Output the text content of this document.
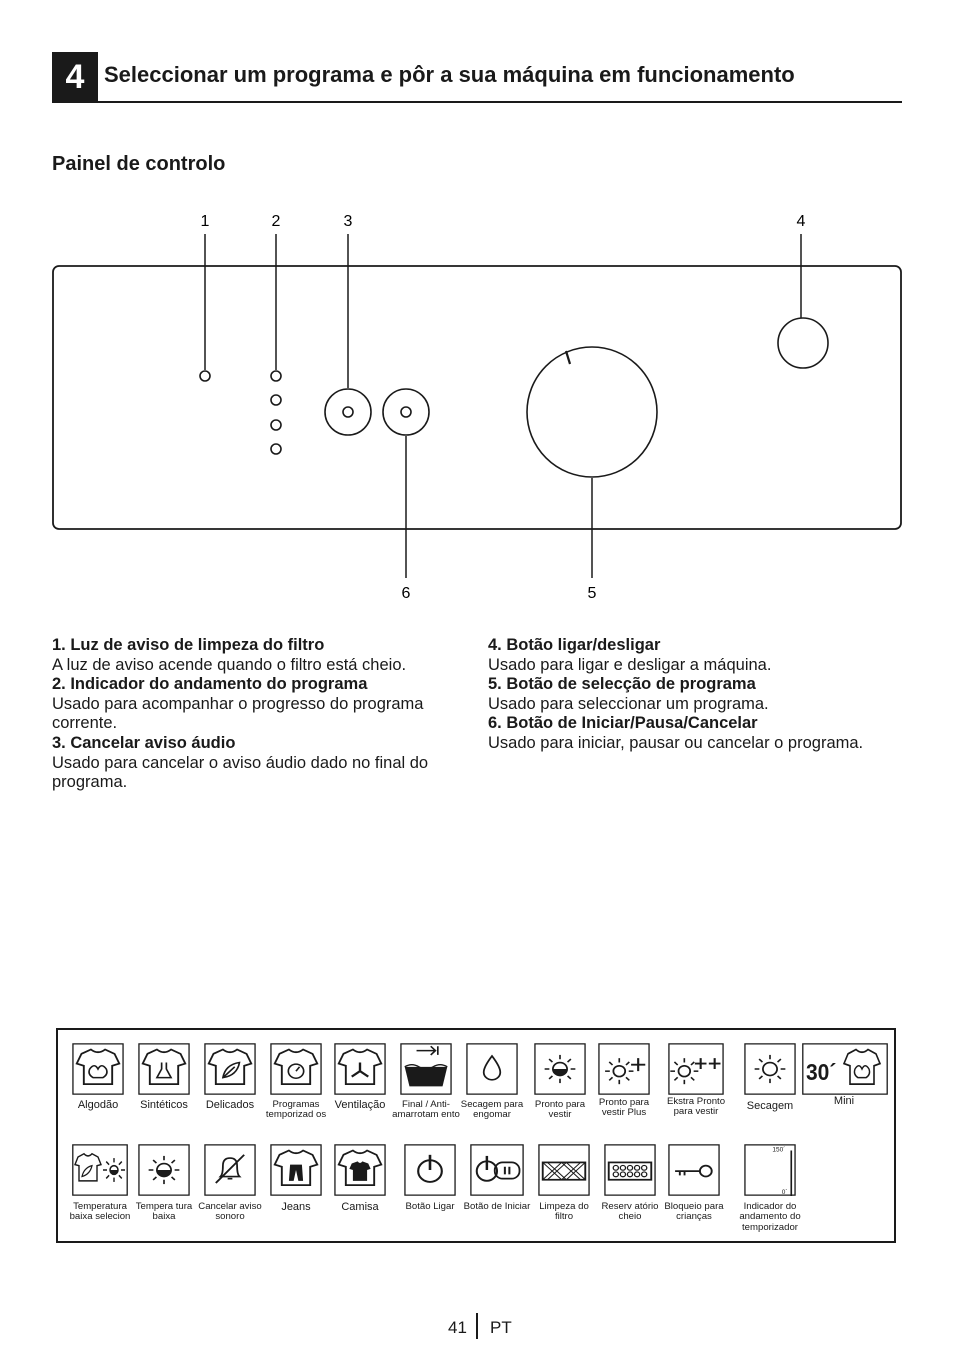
4 Seleccionar um programa e pôr a sua máquina em funcionamento
Painel de controlo
1	2	3	4
5
6
1. Luz de aviso de limpeza do filtro
A luz de aviso acende quando o filtro está cheio.
2. Indicador do andamento do programa
Usado para acompanhar o progresso do programa corrente.
3. Cancelar aviso áudio
Usado para cancelar o aviso áudio dado no final do programa.
4. Botão ligar/desligar
Usado para ligar e desligar a máquina.
5. Botão de selecção de programa
Usado para seleccionar um programa.
6. Botão de Iniciar/Pausa/Cancelar
Usado para iniciar, pausar ou cancelar o programa.
41 PT
Algodão	Sintéticos	Delicados	Programas temporizad os
Ventilação	Final / Anti-amarrotam ento
Secagem para engomar
Pronto para vestir
Pronto para vestir Plus
Ekstra Pronto para vestir	Secagem
30´
Mini
Temperatura baixa selecion
Tempera tura baixa
Cancelar aviso sonoro
Jeans	Camisa	Botão Ligar Botão de Iniciar Limpeza do filtro
Reserv atório cheio
Bloqueio para crianças
150´
0´
Indicador do andamento do temporizador
